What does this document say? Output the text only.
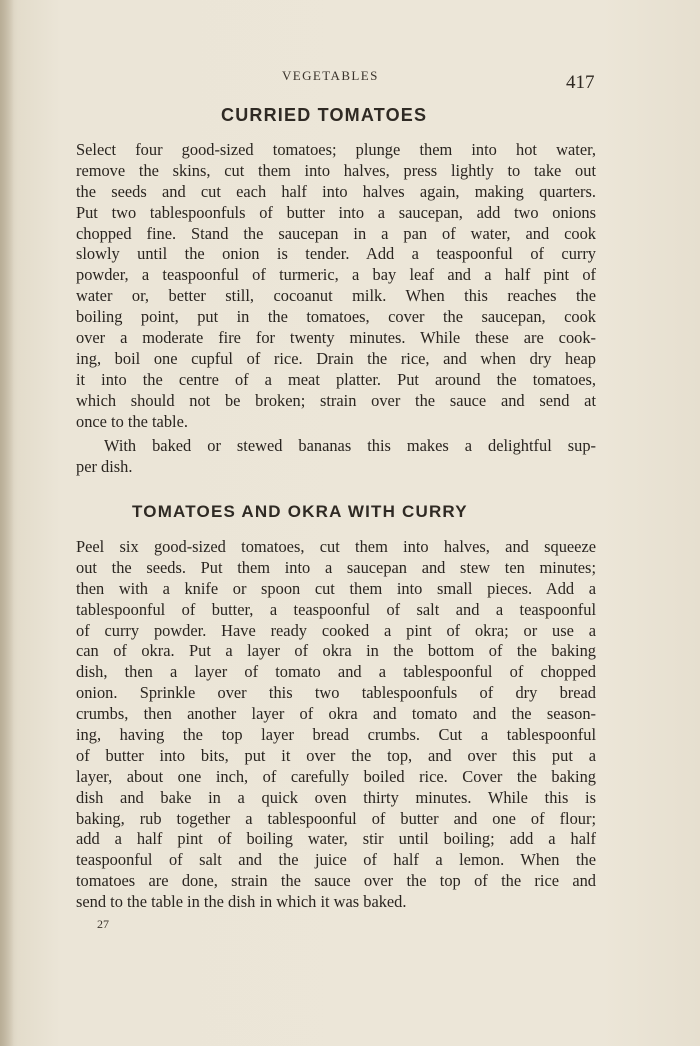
VEGETABLES	417
CURRIED TOMATOES
Select four good-sized tomatoes; plunge them into hot water,
remove the skins, cut them into halves, press lightly to take out
the seeds and cut each half into halves again, making quarters.
Put two tablespoonfuls of butter into a saucepan, add two onions
chopped fine. Stand the saucepan in a pan of water, and cook
slowly until the onion is tender. Add a teaspoonful of curry
powder, a teaspoonful of turmeric, a bay leaf and a half pint of
water or, better still, cocoanut milk. When this reaches the
boiling point, put in the tomatoes, cover the saucepan, cook
over a moderate fire for twenty minutes. While these are cook-
ing, boil one cupful of rice. Drain the rice, and when dry heap
it into the centre of a meat platter. Put around the tomatoes,
which should not be broken; strain over the sauce and send at
once to the table.
With baked or stewed bananas this makes a delightful sup-
per dish.
TOMATOES AND OKRA WITH CURRY
Peel six good-sized tomatoes, cut them into halves, and squeeze
out the seeds. Put them into a saucepan and stew ten minutes;
then with a knife or spoon cut them into small pieces. Add a
tablespoonful of butter, a teaspoonful of salt and a teaspoonful
of curry powder. Have ready cooked a pint of okra; or use a
can of okra. Put a layer of okra in the bottom of the baking
dish, then a layer of tomato and a tablespoonful of chopped
onion. Sprinkle over this two tablespoonfuls of dry bread
crumbs, then another layer of okra and tomato and the season-
ing, having the top layer bread crumbs. Cut a tablespoonful
of butter into bits, put it over the top, and over this put a
layer, about one inch, of carefully boiled rice. Cover the baking
dish and bake in a quick oven thirty minutes. While this is
baking, rub together a tablespoonful of butter and one of flour;
add a half pint of boiling water, stir until boiling; add a half
teaspoonful of salt and the juice of half a lemon. When the
tomatoes are done, strain the sauce over the top of the rice and
send to the table in the dish in which it was baked.
27
